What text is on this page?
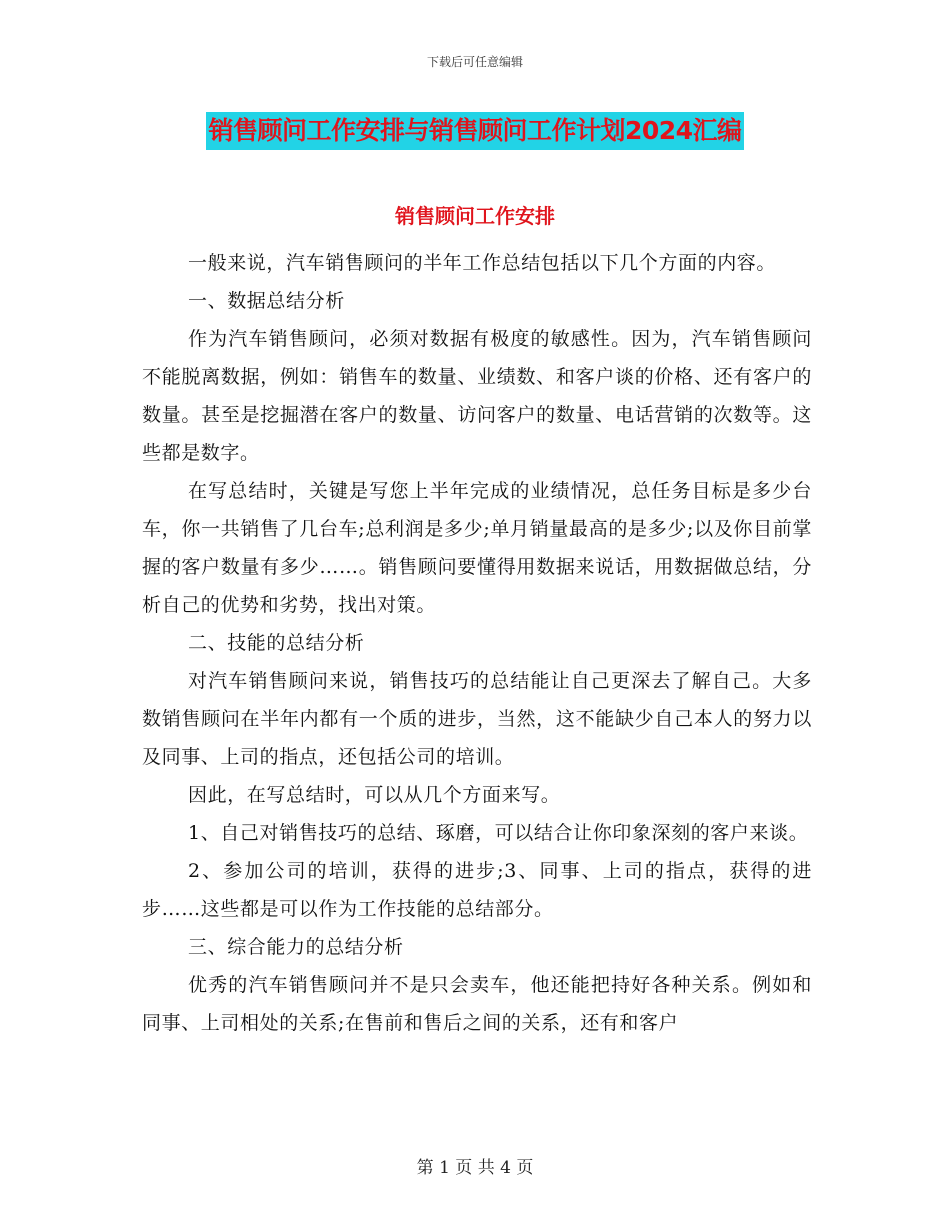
下载后可任意编辑
销售顾问工作安排与销售顾问工作计划2024汇编
销售顾问工作安排

一般来说，汽车销售顾问的半年工作总结包括以下几个方面的内容。

一、数据总结分析

作为汽车销售顾问，必须对数据有极度的敏感性。因为，汽车销售顾问不能脱离数据，例如：销售车的数量、业绩数、和客户谈的价格、还有客户的数量。甚至是挖掘潜在客户的数量、访问客户的数量、电话营销的次数等。这些都是数字。

在写总结时，关键是写您上半年完成的业绩情况，总任务目标是多少台车，你一共销售了几台车;总利润是多少;单月销量最高的是多少;以及你目前掌握的客户数量有多少……。销售顾问要懂得用数据来说话，用数据做总结，分析自己的优势和劣势，找出对策。

二、技能的总结分析

对汽车销售顾问来说，销售技巧的总结能让自己更深去了解自己。大多数销售顾问在半年内都有一个质的进步，当然，这不能缺少自己本人的努力以及同事、上司的指点，还包括公司的培训。

因此，在写总结时，可以从几个方面来写。

1、自己对销售技巧的总结、琢磨，可以结合让你印象深刻的客户来谈。

2、参加公司的培训，获得的进步;3、同事、上司的指点，获得的进步……这些都是可以作为工作技能的总结部分。

三、综合能力的总结分析

优秀的汽车销售顾问并不是只会卖车，他还能把持好各种关系。例如和同事、上司相处的关系;在售前和售后之间的关系，还有和客户

第 1 页 共 4 页
